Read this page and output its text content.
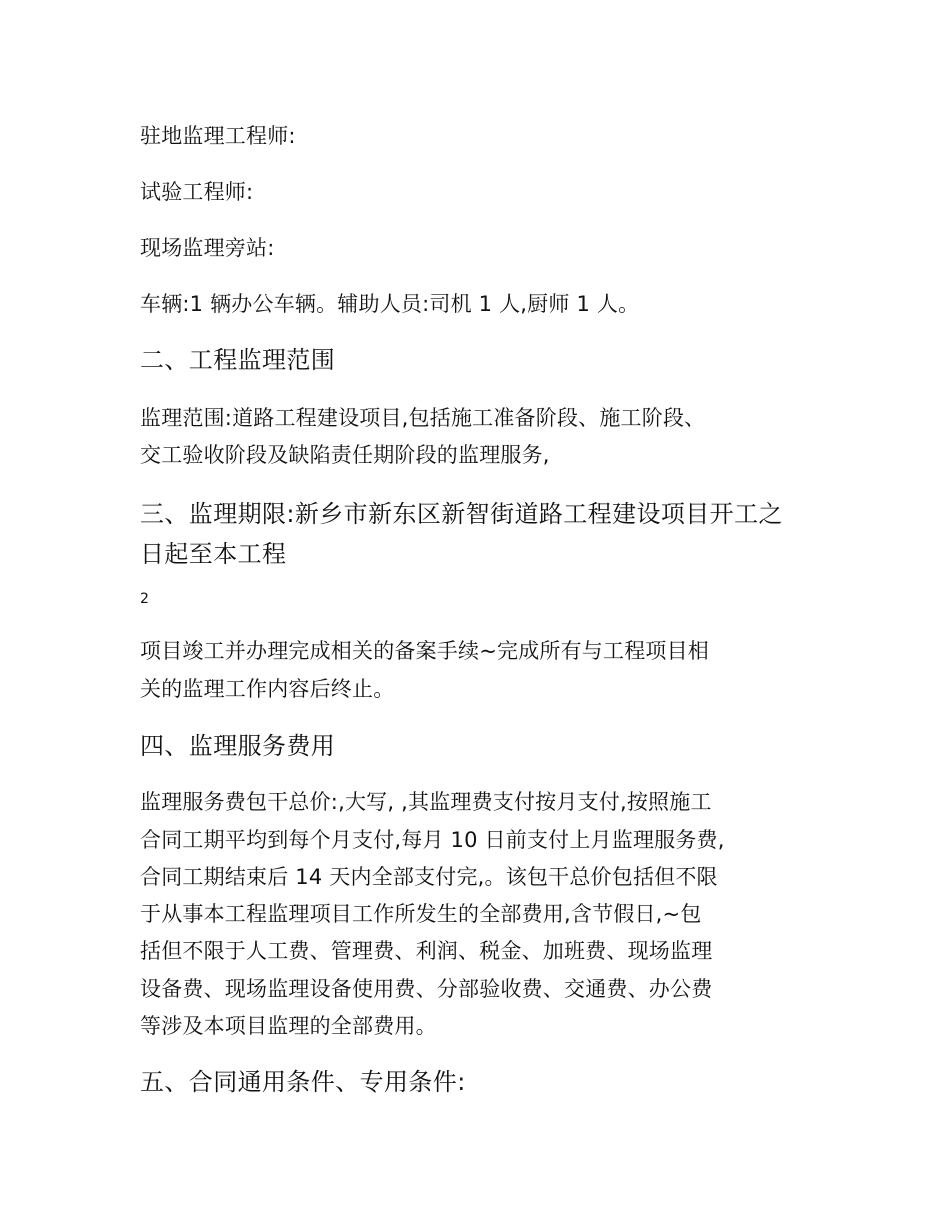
驻地监理工程师:
试验工程师:
现场监理旁站:
车辆:1 辆办公车辆。辅助人员:司机 1 人,厨师 1 人。
二、工程监理范围
监理范围:道路工程建设项目,包括施工准备阶段、施工阶段、
交工验收阶段及缺陷责任期阶段的监理服务,
三、监理期限:新乡市新东区新智街道路工程建设项目开工之
日起至本工程
2
项目竣工并办理完成相关的备案手续~完成所有与工程项目相
关的监理工作内容后终止。
四、监理服务费用
监理服务费包干总价:,大写, ,其监理费支付按月支付,按照施工
合同工期平均到每个月支付,每月 10 日前支付上月监理服务费,
合同工期结束后 14 天内全部支付完,。该包干总价包括但不限
于从事本工程监理项目工作所发生的全部费用,含节假日,~包
括但不限于人工费、管理费、利润、税金、加班费、现场监理
设备费、现场监理设备使用费、分部验收费、交通费、办公费
等涉及本项目监理的全部费用。
五、合同通用条件、专用条件:
